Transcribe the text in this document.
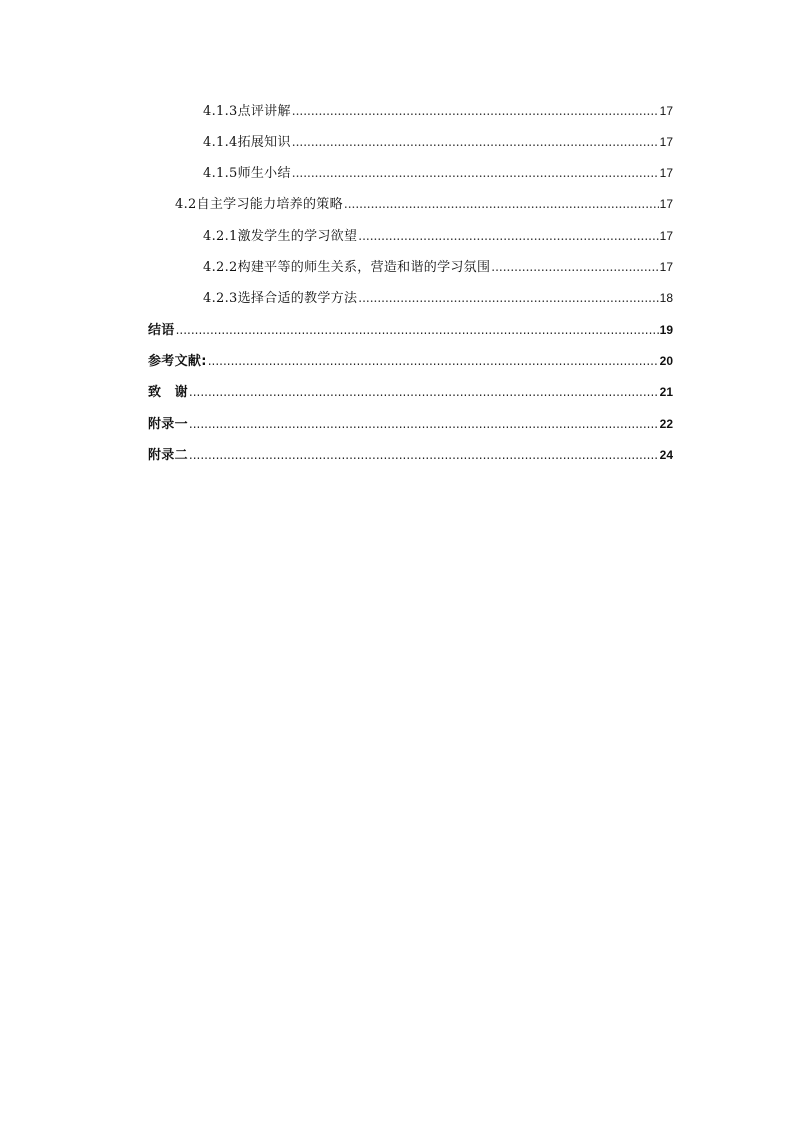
4.1.3点评讲解 .....	17
4.1.4拓展知识 .....	17
4.1.5师生小结 .....	17
4.2自主学习能力培养的策略 .....	17
4.2.1激发学生的学习欲望 .....	17
4.2.2构建平等的师生关系，营造和谐的学习氛围 .....	17
4.2.3选择合适的教学方法 .....	18
结语 .....	19
参考文献: .....	20
致　谢 .....	21
附录一 .....	22
附录二 .....	24
